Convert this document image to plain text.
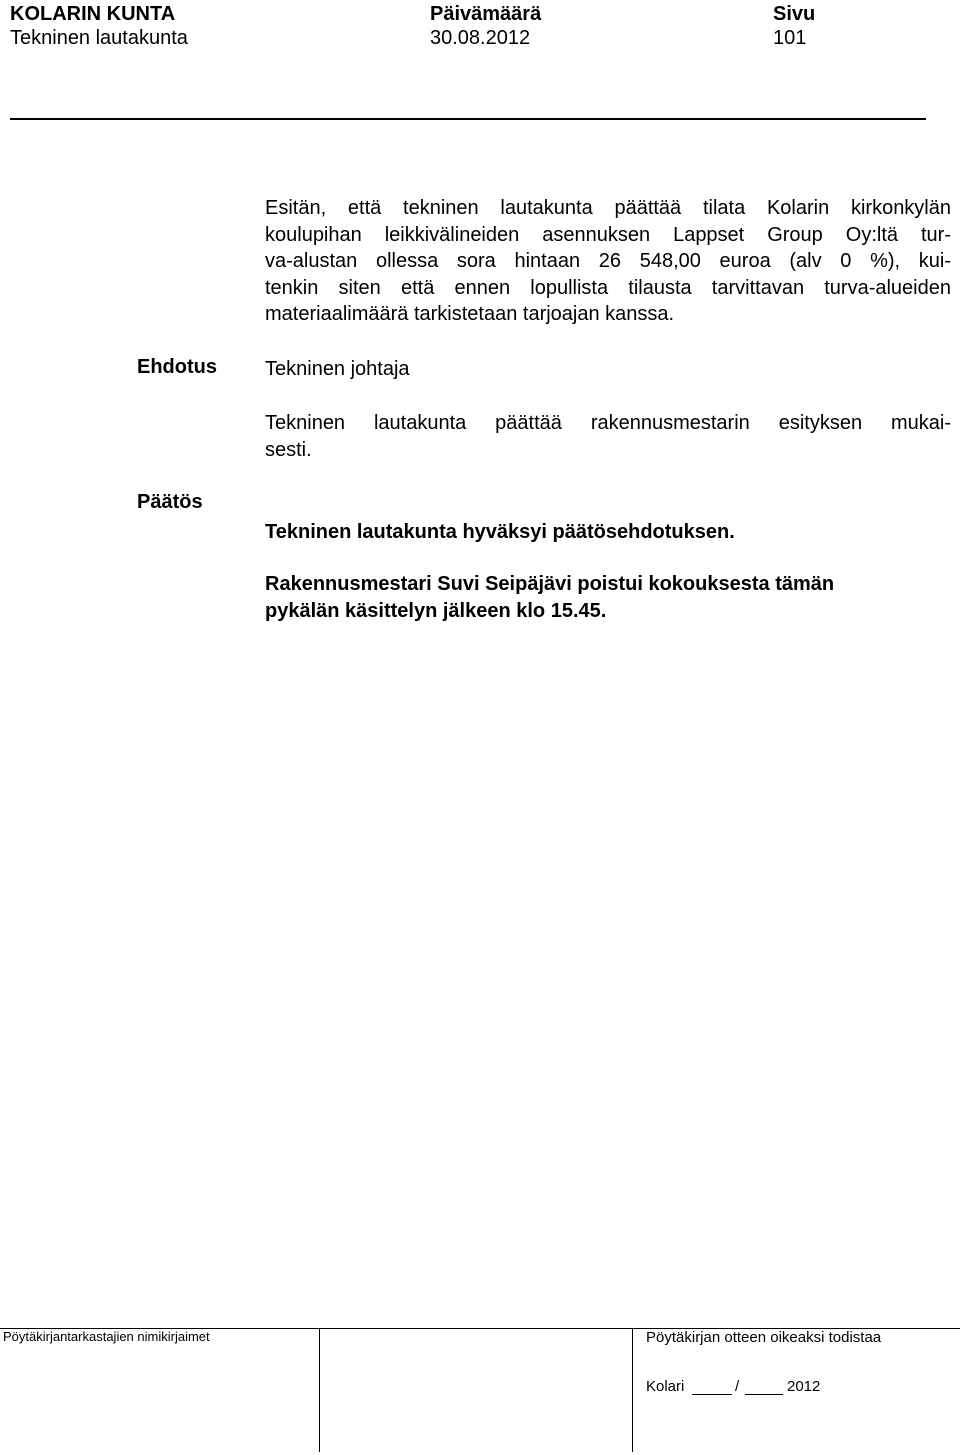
KOLARIN KUNTA
Tekninen lautakunta
Päivämäärä
30.08.2012
Sivu
101
Esitän, että tekninen lautakunta päättää tilata Kolarin kirkonkylän
koulupihan leikkivälineiden asennuksen Lappset Group Oy:ltä tur-
va-alustan ollessa sora hintaan 26 548,00 euroa (alv 0 %), kui-
tenkin siten että ennen lopullista tilausta tarvittavan turva-alueiden
materiaalimäärä tarkistetaan tarjoajan kanssa.
Ehdotus Tekninen johtaja
Tekninen lautakunta päättää rakennusmestarin esityksen mukai-
sesti.
Päätös
Tekninen lautakunta hyväksyi päätösehdotuksen.
Rakennusmestari Suvi Seipäjävi poistui kokouksesta tämän
pykälän käsittelyn jälkeen klo 15.45.
Pöytäkirjantarkastajien nimikirjaimet	Pöytäkirjan otteen oikeaksi todistaa
Kolari	/	2012
